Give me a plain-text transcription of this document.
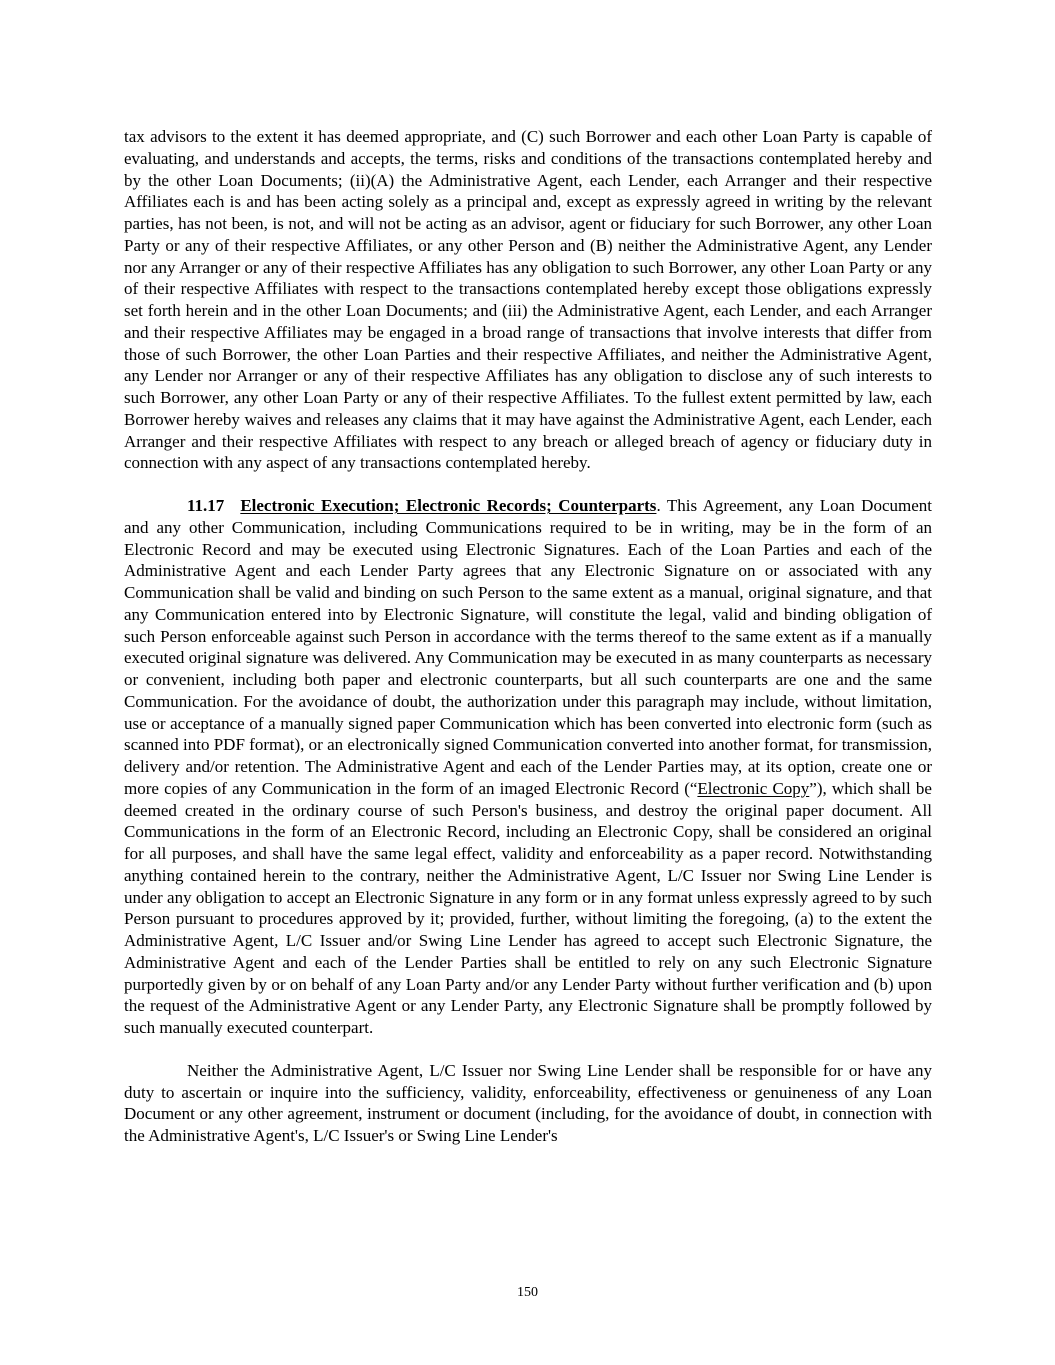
tax advisors to the extent it has deemed appropriate, and (C) such Borrower and each other Loan Party is capable of evaluating, and understands and accepts, the terms, risks and conditions of the transactions contemplated hereby and by the other Loan Documents; (ii)(A) the Administrative Agent, each Lender, each Arranger and their respective Affiliates each is and has been acting solely as a principal and, except as expressly agreed in writing by the relevant parties, has not been, is not, and will not be acting as an advisor, agent or fiduciary for such Borrower, any other Loan Party or any of their respective Affiliates, or any other Person and (B) neither the Administrative Agent, any Lender nor any Arranger or any of their respective Affiliates has any obligation to such Borrower, any other Loan Party or any of their respective Affiliates with respect to the transactions contemplated hereby except those obligations expressly set forth herein and in the other Loan Documents; and (iii) the Administrative Agent, each Lender, and each Arranger and their respective Affiliates may be engaged in a broad range of transactions that involve interests that differ from those of such Borrower, the other Loan Parties and their respective Affiliates, and neither the Administrative Agent, any Lender nor Arranger or any of their respective Affiliates has any obligation to disclose any of such interests to such Borrower, any other Loan Party or any of their respective Affiliates. To the fullest extent permitted by law, each Borrower hereby waives and releases any claims that it may have against the Administrative Agent, each Lender, each Arranger and their respective Affiliates with respect to any breach or alleged breach of agency or fiduciary duty in connection with any aspect of any transactions contemplated hereby.

11.17 Electronic Execution; Electronic Records; Counterparts. This Agreement, any Loan Document and any other Communication, including Communications required to be in writing, may be in the form of an Electronic Record and may be executed using Electronic Signatures. Each of the Loan Parties and each of the Administrative Agent and each Lender Party agrees that any Electronic Signature on or associated with any Communication shall be valid and binding on such Person to the same extent as a manual, original signature, and that any Communication entered into by Electronic Signature, will constitute the legal, valid and binding obligation of such Person enforceable against such Person in accordance with the terms thereof to the same extent as if a manually executed original signature was delivered. Any Communication may be executed in as many counterparts as necessary or convenient, including both paper and electronic counterparts, but all such counterparts are one and the same Communication. For the avoidance of doubt, the authorization under this paragraph may include, without limitation, use or acceptance of a manually signed paper Communication which has been converted into electronic form (such as scanned into PDF format), or an electronically signed Communication converted into another format, for transmission, delivery and/or retention. The Administrative Agent and each of the Lender Parties may, at its option, create one or more copies of any Communication in the form of an imaged Electronic Record (“Electronic Copy”), which shall be deemed created in the ordinary course of such Person's business, and destroy the original paper document. All Communications in the form of an Electronic Record, including an Electronic Copy, shall be considered an original for all purposes, and shall have the same legal effect, validity and enforceability as a paper record. Notwithstanding anything contained herein to the contrary, neither the Administrative Agent, L/C Issuer nor Swing Line Lender is under any obligation to accept an Electronic Signature in any form or in any format unless expressly agreed to by such Person pursuant to procedures approved by it; provided, further, without limiting the foregoing, (a) to the extent the Administrative Agent, L/C Issuer and/or Swing Line Lender has agreed to accept such Electronic Signature, the Administrative Agent and each of the Lender Parties shall be entitled to rely on any such Electronic Signature purportedly given by or on behalf of any Loan Party and/or any Lender Party without further verification and (b) upon the request of the Administrative Agent or any Lender Party, any Electronic Signature shall be promptly followed by such manually executed counterpart.

Neither the Administrative Agent, L/C Issuer nor Swing Line Lender shall be responsible for or have any duty to ascertain or inquire into the sufficiency, validity, enforceability, effectiveness or genuineness of any Loan Document or any other agreement, instrument or document (including, for the avoidance of doubt, in connection with the Administrative Agent's, L/C Issuer's or Swing Line Lender's

150
